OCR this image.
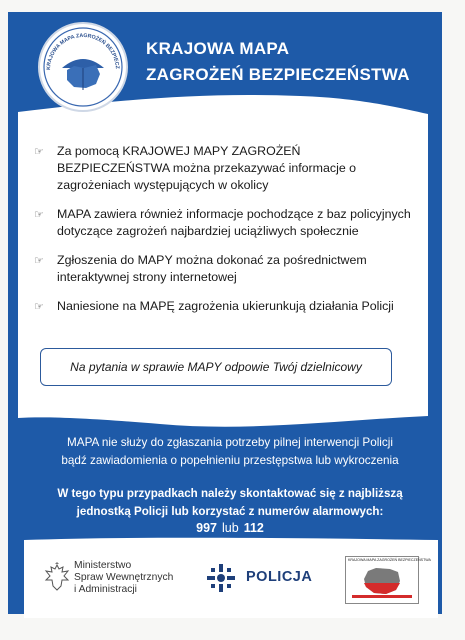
KRAJOWA MAPA ZAGROŻEŃ BEZPIECZ
KRAJOWA MAPA
ZAGROŻEŃ BEZPIECZEŃSTWA
☞ Za pomocą KRAJOWEJ MAPY ZAGROŻEŃ BEZPIECZEŃSTWA można przekazywać informacje o zagrożeniach występujących w okolicy
☞ MAPA zawiera również informacje pochodzące z baz policyjnych dotyczące zagrożeń najbardziej uciążliwych społecznie
☞ Zgłoszenia do MAPY można dokonać za pośrednictwem interaktywnej strony internetowej
☞ Naniesione na MAPĘ zagrożenia ukierunkują działania Policji
Na pytania w sprawie MAPY odpowie Twój dzielnicowy
MAPA nie służy do zgłaszania potrzeby pilnej interwencji Policji
bądź zawiadomienia o popełnieniu przestępstwa lub wykroczenia
W tego typu przypadkach należy skontaktować się z najbliższą
jednostką Policji lub korzystać z numerów alarmowych:
997 lub 112
Ministerstwo
Spraw Wewnętrznych
i Administracji
POLICJA
KRAJOWA MAPA ZAGROŻEŃ BEZPIECZEŃSTWA
